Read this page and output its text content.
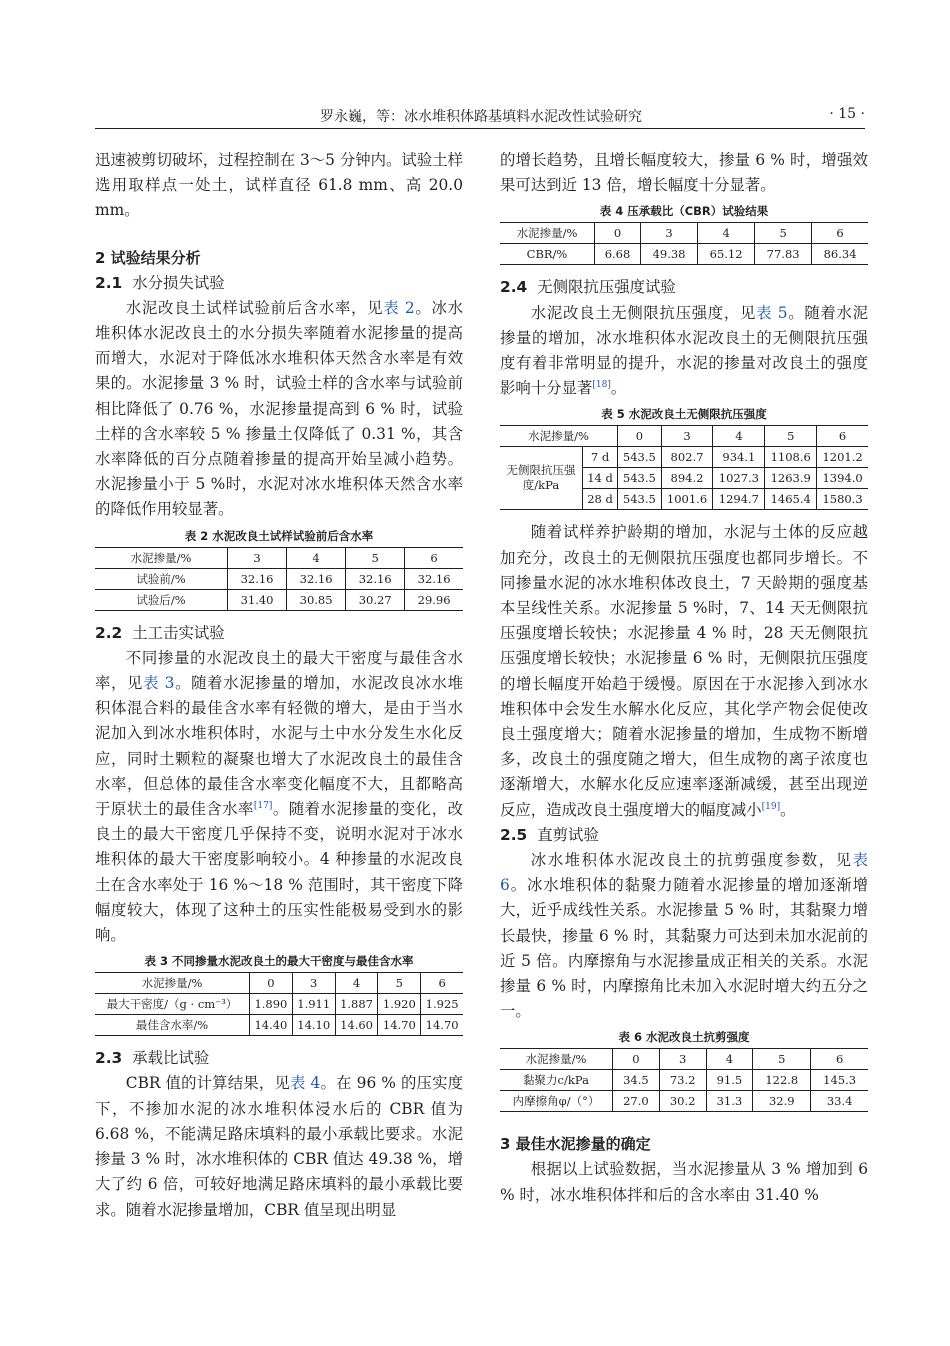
罗永巍，等：冰水堆积体路基填料水泥改性试验研究	· 15 ·

迅速被剪切破坏，过程控制在 3～5 分钟内。试验土样选用取样点一处土，试样直径 61.8 mm、高 20.0 mm。

2 试验结果分析
2.1 水分损失试验

水泥改良土试样试验前后含水率，见表 2。冰水堆积体水泥改良土的水分损失率随着水泥掺量的提高而增大，水泥对于降低冰水堆积体天然含水率是有效果的。水泥掺量 3 % 时，试验土样的含水率与试验前相比降低了 0.76 %，水泥掺量提高到 6 % 时，试验土样的含水率较 5 % 掺量土仅降低了 0.31 %，其含水率降低的百分点随着掺量的提高开始呈减小趋势。水泥掺量小于 5 %时，水泥对冰水堆积体天然含水率的降低作用较显著。

表 2 水泥改良土试样试验前后含水率
水泥掺量/%	3	4	5	6
试验前/%	32.16	32.16	32.16	32.16
试验后/%	31.40	30.85	30.27	29.96
2.2 土工击实试验

不同掺量的水泥改良土的最大干密度与最佳含水率，见表 3。随着水泥掺量的增加，水泥改良冰水堆积体混合料的最佳含水率有轻微的增大，是由于当水泥加入到冰水堆积体时，水泥与土中水分发生水化反应，同时土颗粒的凝聚也增大了水泥改良土的最佳含水率，但总体的最佳含水率变化幅度不大，且都略高于原状土的最佳含水率[17]。随着水泥掺量的变化，改良土的最大干密度几乎保持不变，说明水泥对于冰水堆积体的最大干密度影响较小。4 种掺量的水泥改良土在含水率处于 16 %～18 % 范围时，其干密度下降幅度较大，体现了这种土的压实性能极易受到水的影响。

表 3 不同掺量水泥改良土的最大干密度与最佳含水率
水泥掺量/%	0	3	4	5	6
最大干密度/（g · cm⁻³）	1.890	1.911	1.887	1.920	1.925
最佳含水率/%	14.40	14.10	14.60	14.70	14.70
2.3 承载比试验

CBR 值的计算结果，见表 4。在 96 % 的压实度下，不掺加水泥的冰水堆积体浸水后的 CBR 值为 6.68 %，不能满足路床填料的最小承载比要求。水泥掺量 3 % 时，冰水堆积体的 CBR 值达 49.38 %，增大了约 6 倍，可较好地满足路床填料的最小承载比要求。随着水泥掺量增加，CBR 值呈现出明显

的增长趋势，且增长幅度较大，掺量 6 % 时，增强效果可达到近 13 倍，增长幅度十分显著。

表 4 压承载比（CBR）试验结果
水泥掺量/%	0	3	4	5	6
CBR/%	6.68	49.38	65.12	77.83	86.34
2.4 无侧限抗压强度试验

水泥改良土无侧限抗压强度，见表 5。随着水泥掺量的增加，冰水堆积体水泥改良土的无侧限抗压强度有着非常明显的提升，水泥的掺量对改良土的强度影响十分显著[18]。

表 5 水泥改良土无侧限抗压强度
水泥掺量/%		0	3	4	5	6
无侧限抗压强度/kPa	7 d	543.5	802.7	934.1	1108.6	1201.2
	14 d	543.5	894.2	1027.3	1263.9	1394.0
	28 d	543.5	1001.6	1294.7	1465.4	1580.3

随着试样养护龄期的增加，水泥与土体的反应越加充分，改良土的无侧限抗压强度也都同步增长。不同掺量水泥的冰水堆积体改良土，7 天龄期的强度基本呈线性关系。水泥掺量 5 %时，7、14 天无侧限抗压强度增长较快；水泥掺量 4 % 时，28 天无侧限抗压强度增长较快；水泥掺量 6 % 时，无侧限抗压强度的增长幅度开始趋于缓慢。原因在于水泥掺入到冰水堆积体中会发生水解水化反应，其化学产物会促使改良土强度增大；随着水泥掺量的增加，生成物不断增多，改良土的强度随之增大，但生成物的离子浓度也逐渐增大，水解水化反应速率逐渐减缓，甚至出现逆反应，造成改良土强度增大的幅度减小[19]。

2.5 直剪试验

冰水堆积体水泥改良土的抗剪强度参数，见表 6。冰水堆积体的黏聚力随着水泥掺量的增加逐渐增大，近乎成线性关系。水泥掺量 5 % 时，其黏聚力增长最快，掺量 6 % 时，其黏聚力可达到未加水泥前的近 5 倍。内摩擦角与水泥掺量成正相关的关系。水泥掺量 6 % 时，内摩擦角比未加入水泥时增大约五分之一。

表 6 水泥改良土抗剪强度
水泥掺量/%	0	3	4	5	6
黏聚力c/kPa	34.5	73.2	91.5	122.8	145.3
内摩擦角φ/（°）	27.0	30.2	31.3	32.9	33.4
3 最佳水泥掺量的确定

根据以上试验数据，当水泥掺量从 3 % 增加到 6 % 时，冰水堆积体拌和后的含水率由 31.40 %
